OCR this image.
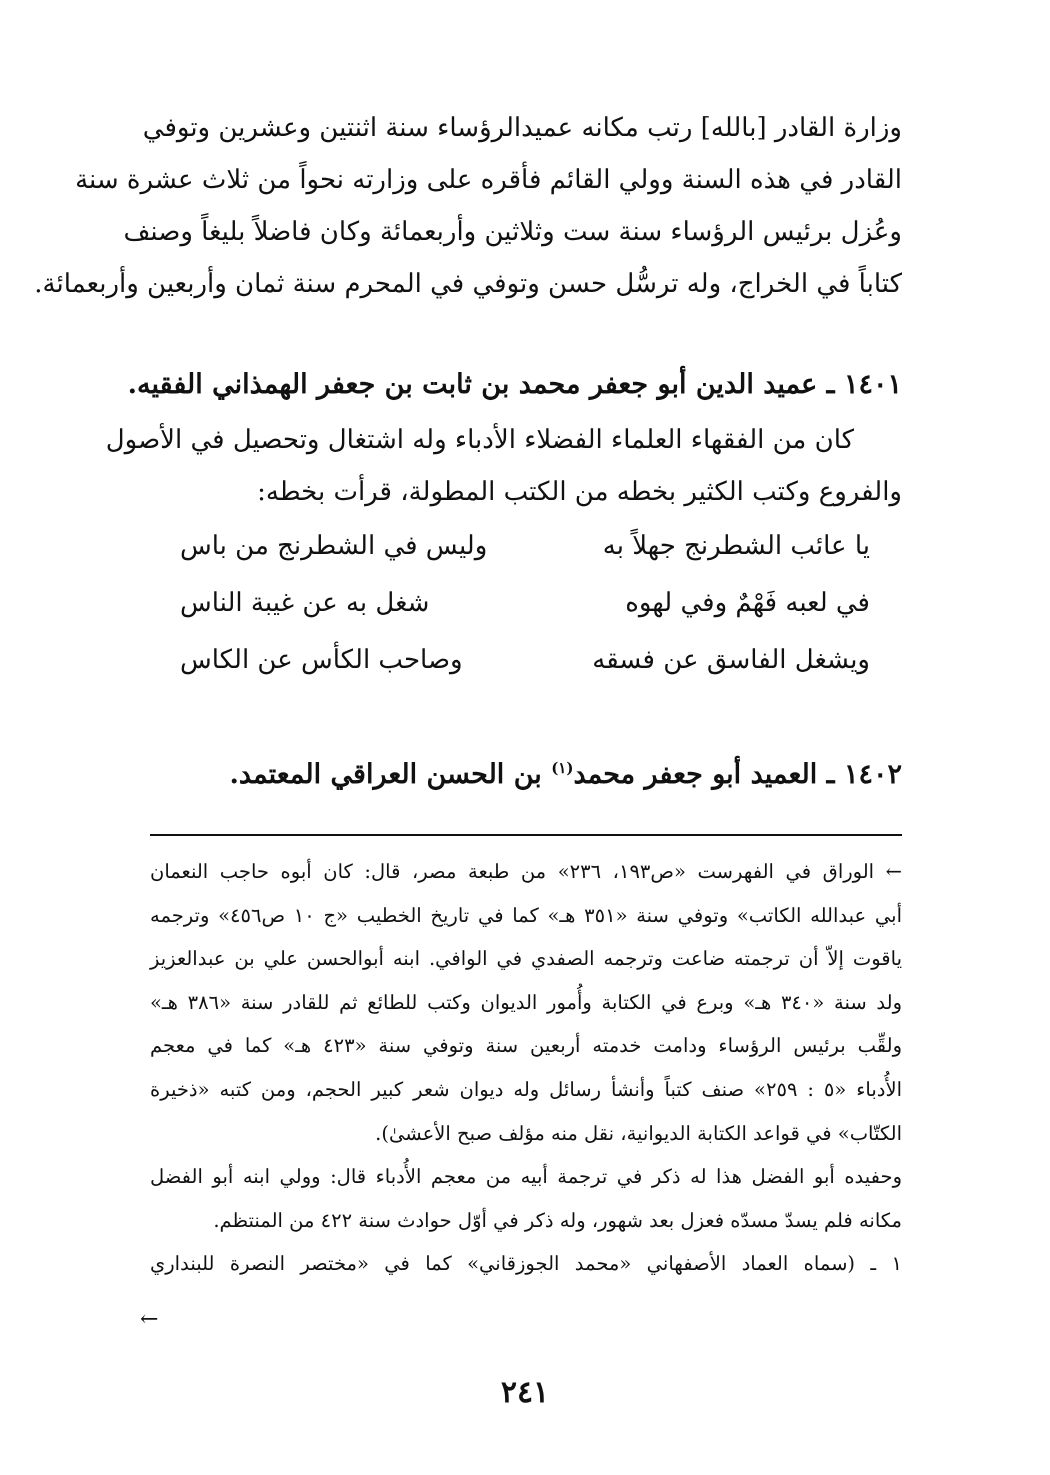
وزارة القادر [بالله] رتب مكانه عميدالرؤساء سنة اثنتين وعشرين وتوفي
القادر في هذه السنة وولي القائم فأقره على وزارته نحواً من ثلاث عشرة سنة
وعُزل برئيس الرؤساء سنة ست وثلاثين وأربعمائة وكان فاضلاً بليغاً وصنف
كتاباً في الخراج، وله ترسُّل حسن وتوفي في المحرم سنة ثمان وأربعين وأربعمائة.
١٤٠١ ـ عميد الدين أبو جعفر محمد بن ثابت بن جعفر الهمذاني الفقيه.
كان من الفقهاء العلماء الفضلاء الأدباء وله اشتغال وتحصيل في الأصول
والفروع وكتب الكثير بخطه من الكتب المطولة، قرأت بخطه:
يا عائب الشطرنج جهلاً به
وليس في الشطرنج من باس
في لعبه فَهْمٌ وفي لهوه
شغل به عن غيبة الناس
ويشغل الفاسق عن فسقه
وصاحب الكأس عن الكاس
١٤٠٢ ـ العميد أبو جعفر محمد$^{(١)}$ بن الحسن العراقي المعتمد.
← الوراق في الفهرست «ص١٩٣، ٢٣٦» من طبعة مصر، قال: كان أبوه حاجب النعمان
أبي عبدالله الكاتب» وتوفي سنة «٣٥١ هـ» كما في تاريخ الخطيب «ج ١٠ ص٤٥٦» وترجمه
ياقوت إلاّ أن ترجمته ضاعت وترجمه الصفدي في الوافي. ابنه أبوالحسن علي بن عبدالعزيز
ولد سنة «٣٤٠ هـ» وبرع في الكتابة وأُمور الديوان وكتب للطائع ثم للقادر سنة «٣٨٦ هـ»
ولقِّب برئيس الرؤساء ودامت خدمته أربعين سنة وتوفي سنة «٤٢٣ هـ» كما في معجم
الأُدباء «٥ : ٢٥٩» صنف كتباً وأنشأ رسائل وله ديوان شعر كبير الحجم، ومن كتبه «ذخيرة
الكتّاب» في قواعد الكتابة الديوانية، نقل منه مؤلف صبح الأعشىٰ).
وحفيده أبو الفضل هذا له ذكر في ترجمة أبيه من معجم الأُدباء قال: وولي ابنه أبو الفضل
مكانه فلم يسدّ مسدّه فعزل بعد شهور، وله ذكر في أوّل حوادث سنة ٤٢٢ من المنتظم.
١ ـ (سماه العماد الأصفهاني «محمد الجوزقاني» كما في «مختصر النصرة للبنداري
←
٢٤١
